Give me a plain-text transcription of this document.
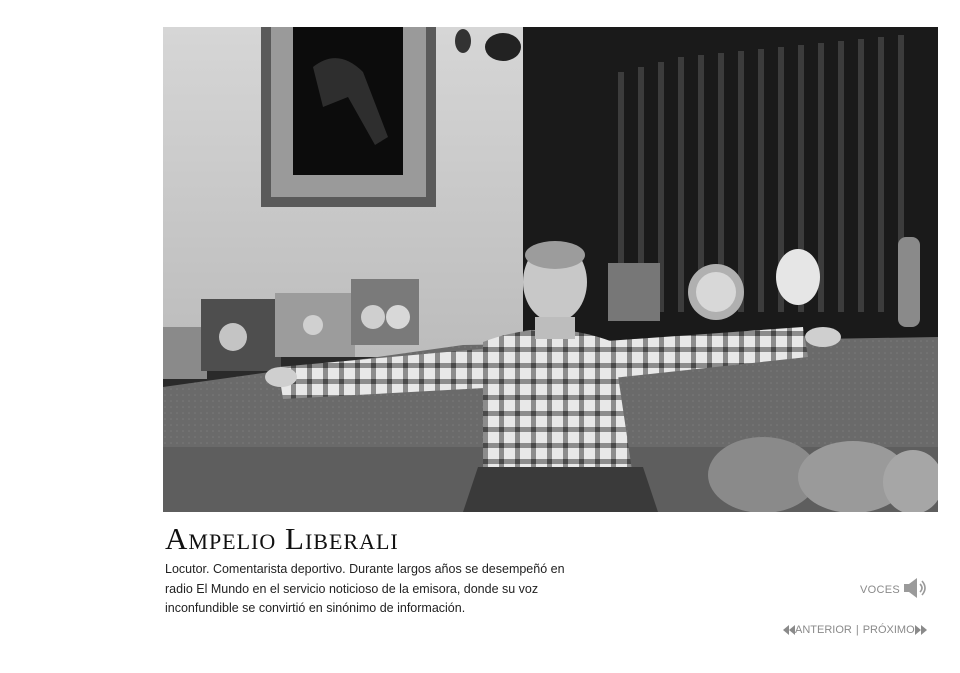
Ampelio Liberali
Locutor. Comentarista deportivo. Durante largos años se desempeñó en radio El Mundo en el servicio noticioso de la emisora, donde su voz inconfundible se convirtió en sinónimo de información.
VOCES
ANTERIOR | PRÓXIMO
